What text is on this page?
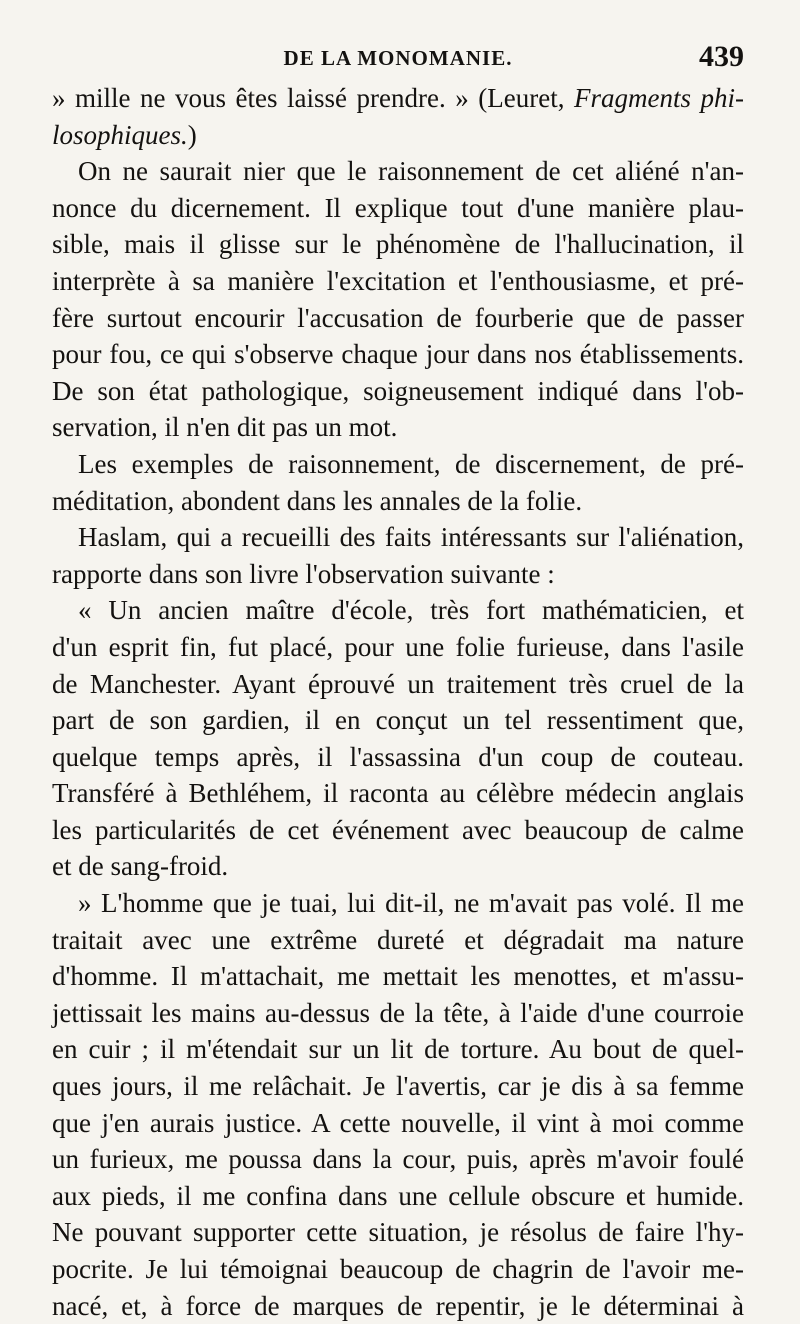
DE LA MONOMANIE.	439
» mille ne vous êtes laissé prendre. » (Leuret, Fragments phi-
losophiques.)
On ne saurait nier que le raisonnement de cet aliéné n'an-
nonce du dicernement. Il explique tout d'une manière plau-
sible, mais il glisse sur le phénomène de l'hallucination, il
interprète à sa manière l'excitation et l'enthousiasme, et pré-
fère surtout encourir l'accusation de fourberie que de passer
pour fou, ce qui s'observe chaque jour dans nos établissements.
De son état pathologique, soigneusement indiqué dans l'ob-
servation, il n'en dit pas un mot.
Les exemples de raisonnement, de discernement, de pré-
méditation, abondent dans les annales de la folie.
Haslam, qui a recueilli des faits intéressants sur l'aliénation,
rapporte dans son livre l'observation suivante :
« Un ancien maître d'école, très fort mathématicien, et
d'un esprit fin, fut placé, pour une folie furieuse, dans l'asile
de Manchester. Ayant éprouvé un traitement très cruel de la
part de son gardien, il en conçut un tel ressentiment que,
quelque temps après, il l'assassina d'un coup de couteau.
Transféré à Bethléhem, il raconta au célèbre médecin anglais
les particularités de cet événement avec beaucoup de calme
et de sang-froid.
» L'homme que je tuai, lui dit-il, ne m'avait pas volé. Il me
traitait avec une extrême dureté et dégradait ma nature
d'homme. Il m'attachait, me mettait les menottes, et m'assu-
jettissait les mains au-dessus de la tête, à l'aide d'une courroie
en cuir ; il m'étendait sur un lit de torture. Au bout de quel-
ques jours, il me relâchait. Je l'avertis, car je dis à sa femme
que j'en aurais justice. A cette nouvelle, il vint à moi comme
un furieux, me poussa dans la cour, puis, après m'avoir foulé
aux pieds, il me confina dans une cellule obscure et humide.
Ne pouvant supporter cette situation, je résolus de faire l'hy-
pocrite. Je lui témoignai beaucoup de chagrin de l'avoir me-
nacé, et, à force de marques de repentir, je le déterminai à
